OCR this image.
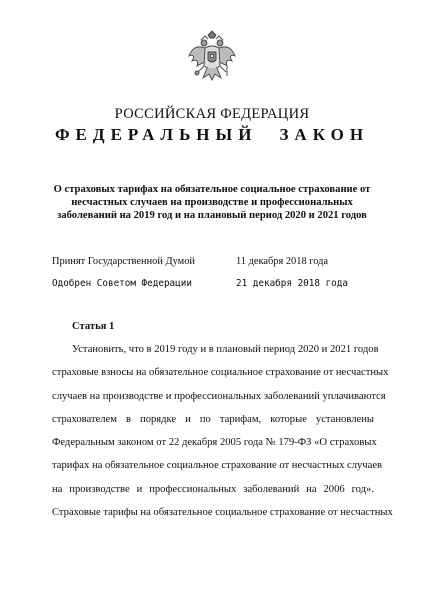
РОССИЙСКАЯ ФЕДЕРАЦИЯ
ФЕДЕРАЛЬНЫЙ ЗАКОН
О страховых тарифах на обязательное социальное страхование от
несчастных случаев на производстве и профессиональных
заболеваний на 2019 год и на плановый период 2020 и 2021 годов
Принят Государственной Думой	11 декабря 2018 года
Одобрен Советом Федерации	21 декабря 2018 года
Статья 1
Установить, что в 2019 году и в плановый период 2020 и 2021 годов
страховые взносы на обязательное социальное страхование от несчастных
случаев на производстве и профессиональных заболеваний уплачиваются
страхователем в порядке и по тарифам, которые установлены
Федеральным законом от 22 декабря 2005 года № 179-ФЗ «О страховых
тарифах на обязательное социальное страхование от несчастных случаев
на производстве и профессиональных заболеваний на 2006 год».
Страховые тарифы на обязательное социальное страхование от несчастных
